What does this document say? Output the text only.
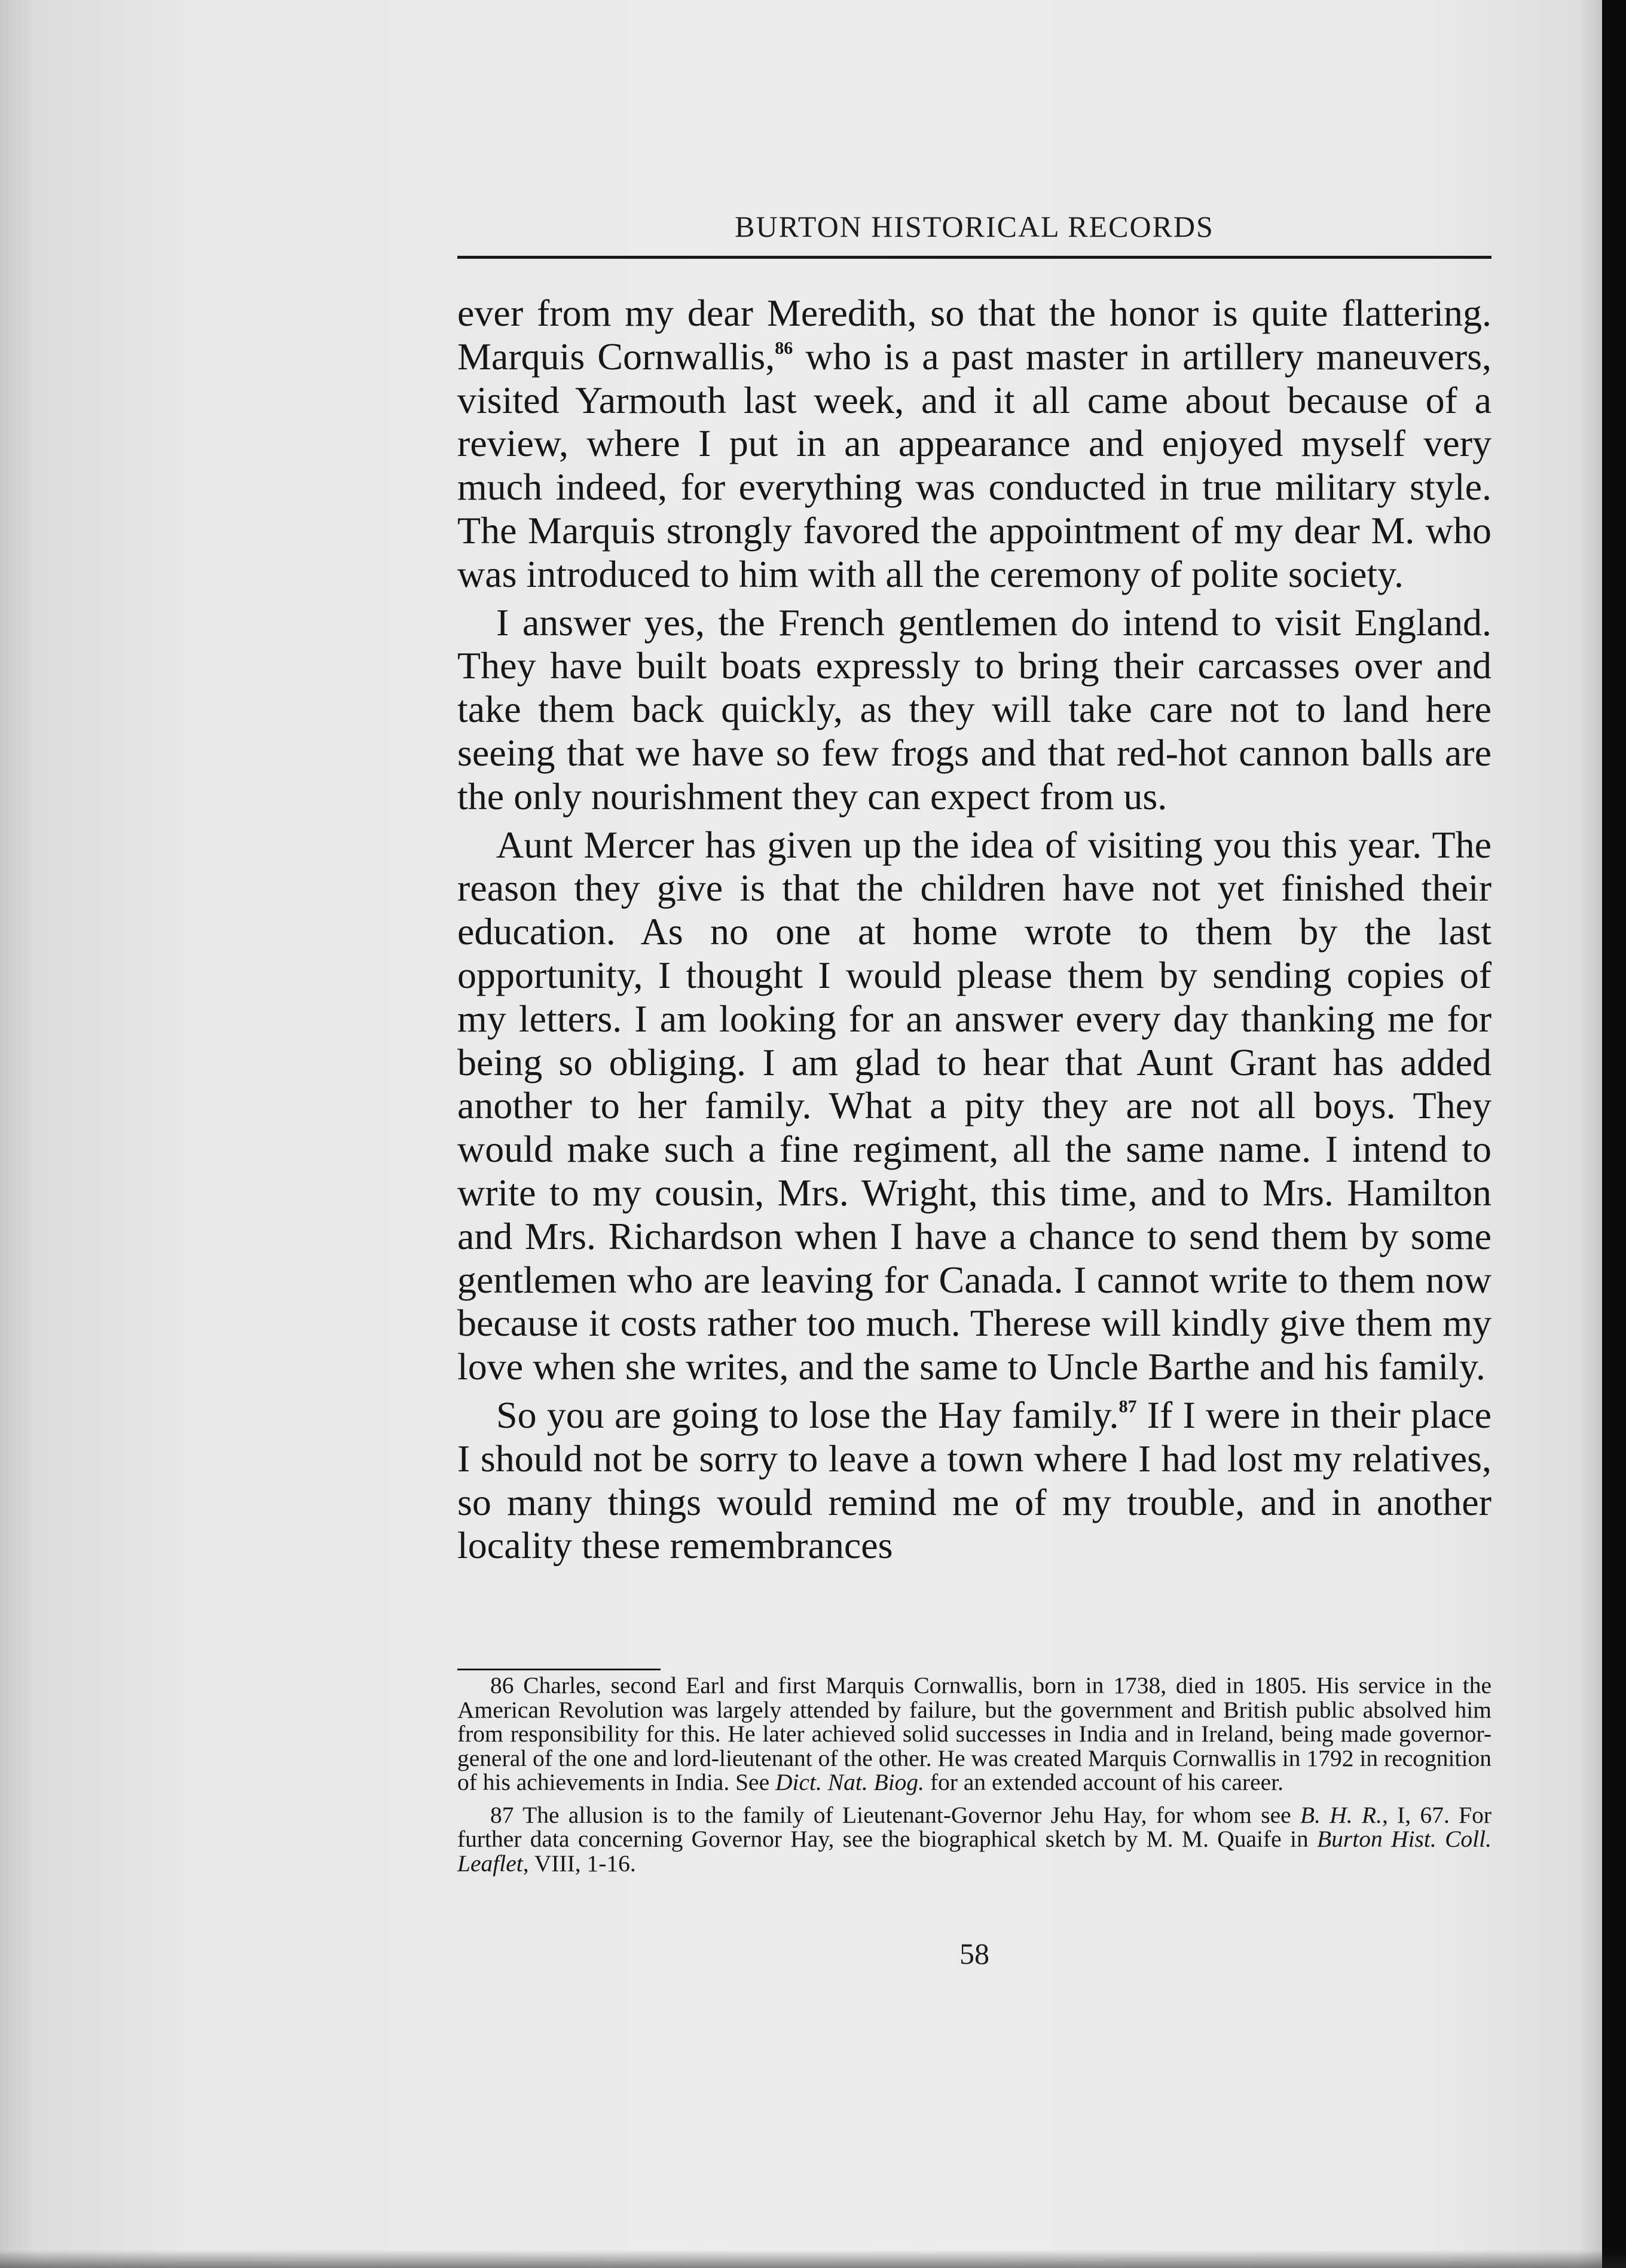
BURTON HISTORICAL RECORDS

ever from my dear Meredith, so that the honor is quite flattering. Marquis Cornwallis,$^{86}$ who is a past master in artillery maneuvers, visited Yarmouth last week, and it all came about because of a review, where I put in an appearance and enjoyed myself very much indeed, for everything was conducted in true military style. The Marquis strongly favored the appointment of my dear M. who was introduced to him with all the ceremony of polite society.

I answer yes, the French gentlemen do intend to visit England. They have built boats expressly to bring their carcasses over and take them back quickly, as they will take care not to land here seeing that we have so few frogs and that red-hot cannon balls are the only nourishment they can expect from us.

Aunt Mercer has given up the idea of visiting you this year. The reason they give is that the children have not yet finished their education. As no one at home wrote to them by the last opportunity, I thought I would please them by sending copies of my letters. I am looking for an answer every day thanking me for being so obliging. I am glad to hear that Aunt Grant has added another to her family. What a pity they are not all boys. They would make such a fine regiment, all the same name. I intend to write to my cousin, Mrs. Wright, this time, and to Mrs. Hamilton and Mrs. Richardson when I have a chance to send them by some gentlemen who are leaving for Canada. I cannot write to them now because it costs rather too much. Therese will kindly give them my love when she writes, and the same to Uncle Barthe and his family.

So you are going to lose the Hay family.$^{87}$ If I were in their place I should not be sorry to leave a town where I had lost my relatives, so many things would remind me of my trouble, and in another locality these remembrances

86 Charles, second Earl and first Marquis Cornwallis, born in 1738, died in 1805. His service in the American Revolution was largely attended by failure, but the government and British public absolved him from responsibility for this. He later achieved solid successes in India and in Ireland, being made governor-general of the one and lord-lieutenant of the other. He was created Marquis Cornwallis in 1792 in recognition of his achievements in India. See Dict. Nat. Biog. for an extended account of his career.

87 The allusion is to the family of Lieutenant-Governor Jehu Hay, for whom see B. H. R., I, 67. For further data concerning Governor Hay, see the biographical sketch by M. M. Quaife in Burton Hist. Coll. Leaflet, VIII, 1-16.

58
